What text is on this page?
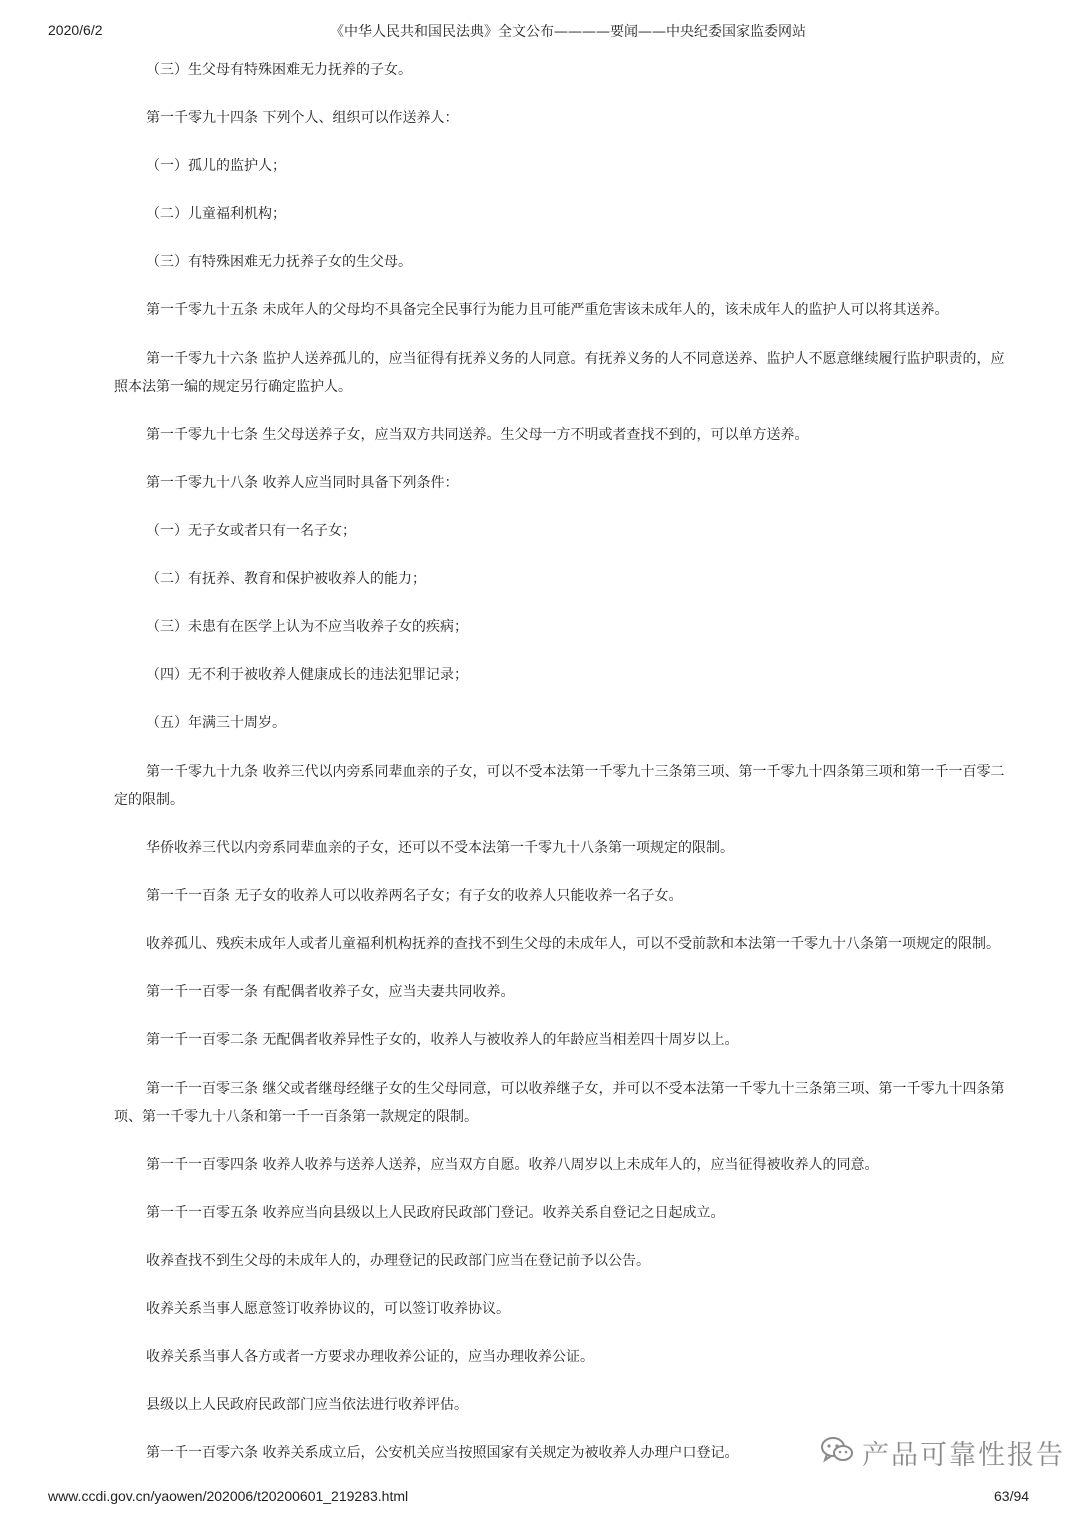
2020/6/2	《中华人民共和国民法典》全文公布————要闻——中央纪委国家监委网站
（三）生父母有特殊困难无力抚养的子女。
第一千零九十四条 下列个人、组织可以作送养人：
（一）孤儿的监护人；
（二）儿童福利机构；
（三）有特殊困难无力抚养子女的生父母。
第一千零九十五条 未成年人的父母均不具备完全民事行为能力且可能严重危害该未成年人的，该未成年人的监护人可以将其送养。
第一千零九十六条 监护人送养孤儿的，应当征得有抚养义务的人同意。有抚养义务的人不同意送养、监护人不愿意继续履行监护职责的，应
照本法第一编的规定另行确定监护人。
第一千零九十七条 生父母送养子女，应当双方共同送养。生父母一方不明或者查找不到的，可以单方送养。
第一千零九十八条 收养人应当同时具备下列条件：
（一）无子女或者只有一名子女；
（二）有抚养、教育和保护被收养人的能力；
（三）未患有在医学上认为不应当收养子女的疾病；
（四）无不利于被收养人健康成长的违法犯罪记录；
（五）年满三十周岁。
第一千零九十九条 收养三代以内旁系同辈血亲的子女，可以不受本法第一千零九十三条第三项、第一千零九十四条第三项和第一千一百零二
定的限制。
华侨收养三代以内旁系同辈血亲的子女，还可以不受本法第一千零九十八条第一项规定的限制。
第一千一百条 无子女的收养人可以收养两名子女；有子女的收养人只能收养一名子女。
收养孤儿、残疾未成年人或者儿童福利机构抚养的查找不到生父母的未成年人，可以不受前款和本法第一千零九十八条第一项规定的限制。
第一千一百零一条 有配偶者收养子女，应当夫妻共同收养。
第一千一百零二条 无配偶者收养异性子女的，收养人与被收养人的年龄应当相差四十周岁以上。
第一千一百零三条 继父或者继母经继子女的生父母同意，可以收养继子女，并可以不受本法第一千零九十三条第三项、第一千零九十四条第
项、第一千零九十八条和第一千一百条第一款规定的限制。
第一千一百零四条 收养人收养与送养人送养，应当双方自愿。收养八周岁以上未成年人的，应当征得被收养人的同意。
第一千一百零五条 收养应当向县级以上人民政府民政部门登记。收养关系自登记之日起成立。
收养查找不到生父母的未成年人的，办理登记的民政部门应当在登记前予以公告。
收养关系当事人愿意签订收养协议的，可以签订收养协议。
收养关系当事人各方或者一方要求办理收养公证的，应当办理收养公证。
县级以上人民政府民政部门应当依法进行收养评估。
第一千一百零六条 收养关系成立后，公安机关应当按照国家有关规定为被收养人办理户口登记。	产品可靠性报告
www.ccdi.gov.cn/yaowen/202006/t20200601_219283.html	63/94
